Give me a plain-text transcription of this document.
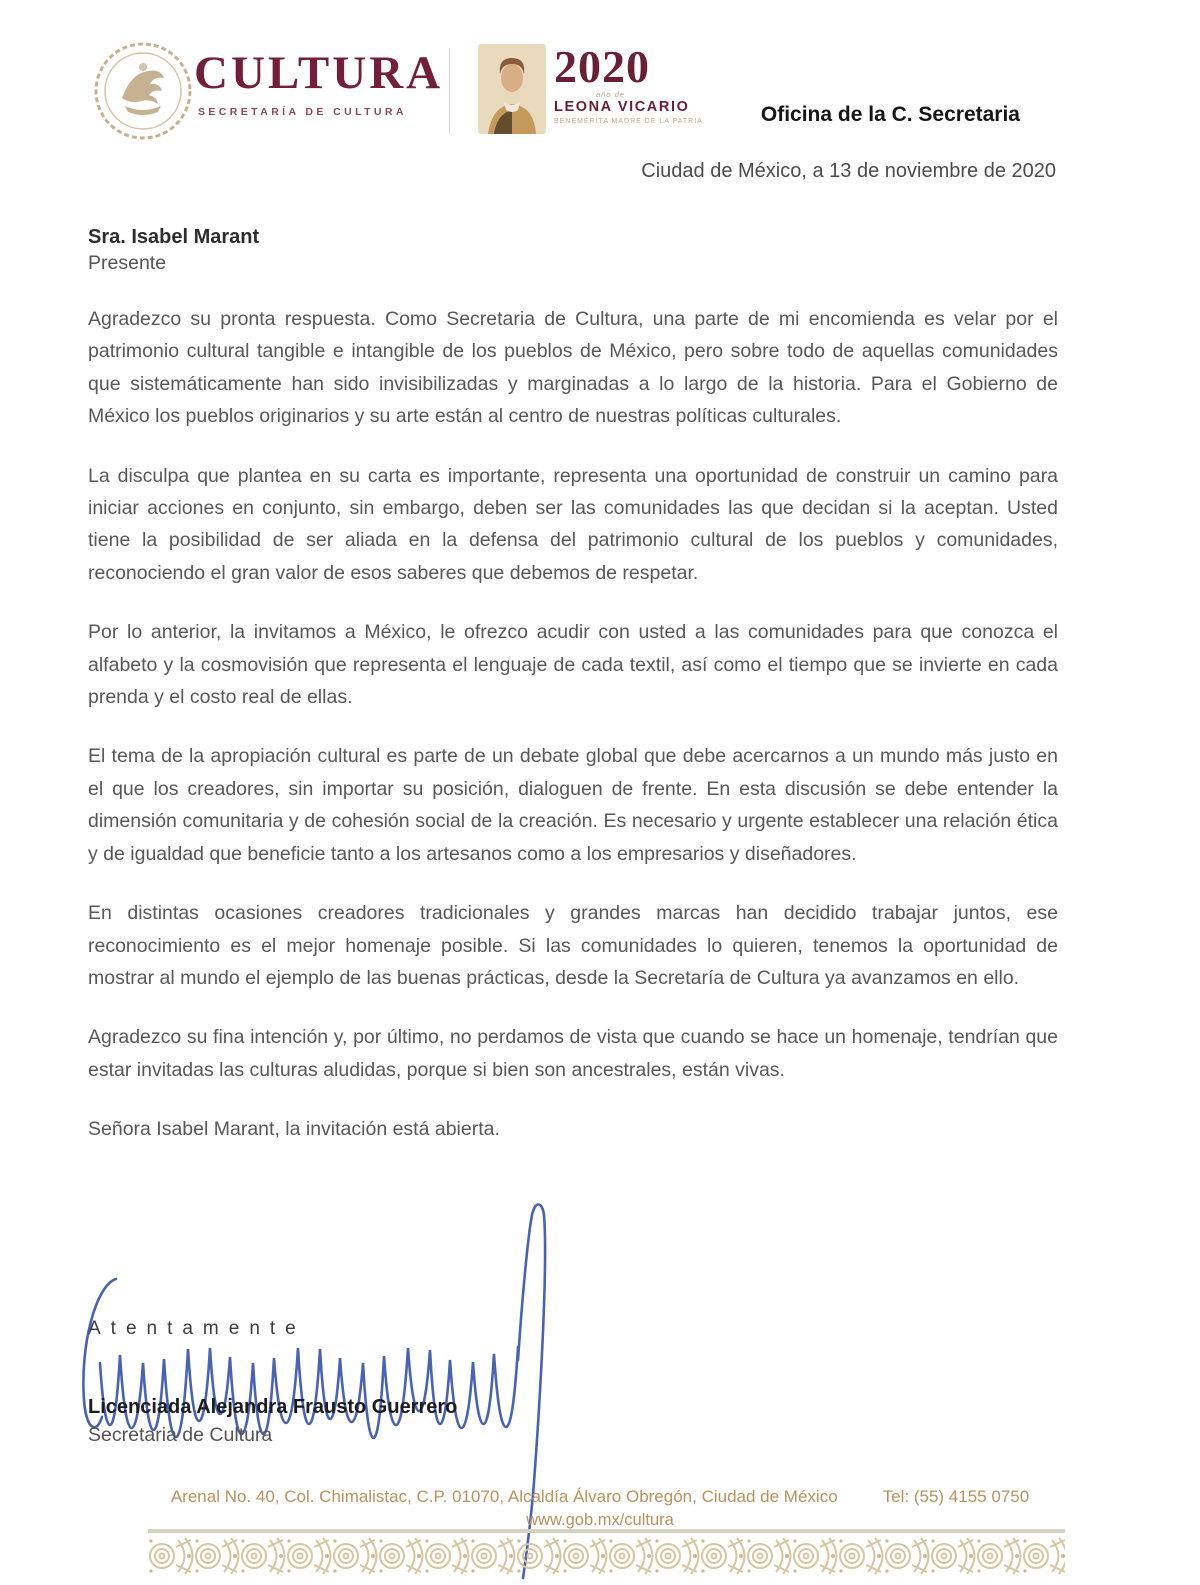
CULTURA
SECRETARÍA DE CULTURA
2020
año de
LEONA VICARIO
BENEMÉRITA MADRE DE LA PATRIA	Oficina de la C. Secretaria
Ciudad de México, a 13 de noviembre de 2020
Sra. Isabel Marant
Presente

Agradezco su pronta respuesta. Como Secretaria de Cultura, una parte de mi encomienda es velar por el patrimonio cultural tangible e intangible de los pueblos de México, pero sobre todo de aquellas comunidades que sistemáticamente han sido invisibilizadas y marginadas a lo largo de la historia. Para el Gobierno de México los pueblos originarios y su arte están al centro de nuestras políticas culturales.

La disculpa que plantea en su carta es importante, representa una oportunidad de construir un camino para iniciar acciones en conjunto, sin embargo, deben ser las comunidades las que decidan si la aceptan. Usted tiene la posibilidad de ser aliada en la defensa del patrimonio cultural de los pueblos y comunidades, reconociendo el gran valor de esos saberes que debemos de respetar.

Por lo anterior, la invitamos a México, le ofrezco acudir con usted a las comunidades para que conozca el alfabeto y la cosmovisión que representa el lenguaje de cada textil, así como el tiempo que se invierte en cada prenda y el costo real de ellas.

El tema de la apropiación cultural es parte de un debate global que debe acercarnos a un mundo más justo en el que los creadores, sin importar su posición, dialoguen de frente. En esta discusión se debe entender la dimensión comunitaria y de cohesión social de la creación. Es necesario y urgente establecer una relación ética y de igualdad que beneficie tanto a los artesanos como a los empresarios y diseñadores.

En distintas ocasiones creadores tradicionales y grandes marcas han decidido trabajar juntos, ese reconocimiento es el mejor homenaje posible. Si las comunidades lo quieren, tenemos la oportunidad de mostrar al mundo el ejemplo de las buenas prácticas, desde la Secretaría de Cultura ya avanzamos en ello.

Agradezco su fina intención y, por último, no perdamos de vista que cuando se hace un homenaje, tendrían que estar invitadas las culturas aludidas, porque si bien son ancestrales, están vivas.

Señora Isabel Marant, la invitación está abierta.

Atentamente
Licenciada Alejandra Frausto Guerrero
Secretaria de Cultura
Arenal No. 40, Col. Chimalistac, C.P. 01070, Alcaldía Álvaro Obregón, Ciudad de México	Tel: (55) 4155 0750
www.gob.mx/cultura
